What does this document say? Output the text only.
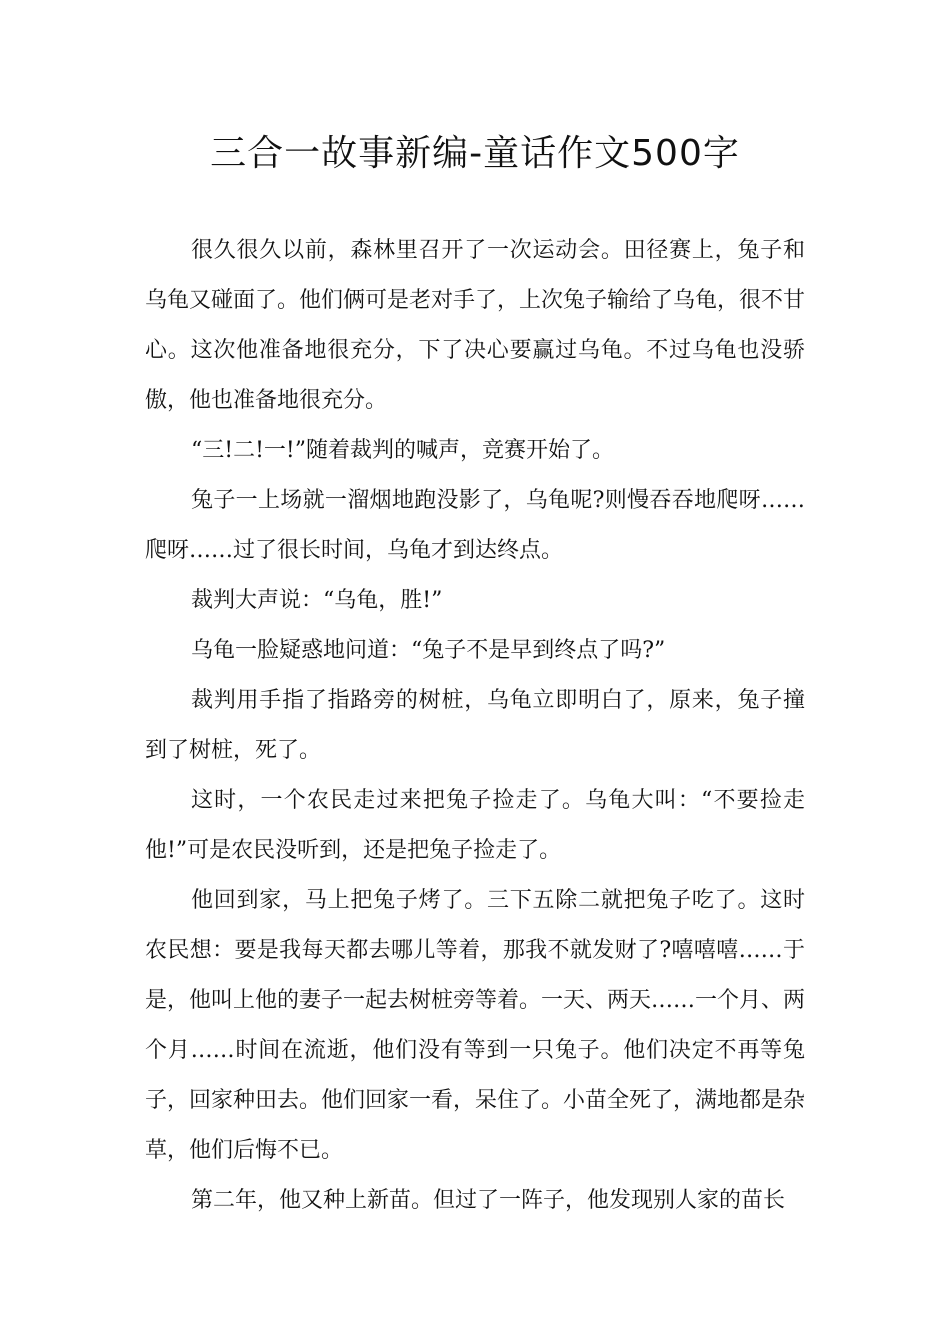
三合一故事新编-童话作文500字

很久很久以前，森林里召开了一次运动会。田径赛上，兔子和乌龟又碰面了。他们俩可是老对手了，上次兔子输给了乌龟，很不甘心。这次他准备地很充分，下了决心要赢过乌龟。不过乌龟也没骄傲，他也准备地很充分。

“三!二!一!”随着裁判的喊声，竞赛开始了。

兔子一上场就一溜烟地跑没影了，乌龟呢?则慢吞吞地爬呀……爬呀……过了很长时间，乌龟才到达终点。

裁判大声说：“乌龟，胜!”

乌龟一脸疑惑地问道：“兔子不是早到终点了吗?”

裁判用手指了指路旁的树桩，乌龟立即明白了，原来，兔子撞到了树桩，死了。

这时，一个农民走过来把兔子捡走了。乌龟大叫：“不要捡走他!”可是农民没听到，还是把兔子捡走了。

他回到家，马上把兔子烤了。三下五除二就把兔子吃了。这时农民想：要是我每天都去哪儿等着，那我不就发财了?嘻嘻嘻……于是，他叫上他的妻子一起去树桩旁等着。一天、两天……一个月、两个月……时间在流逝，他们没有等到一只兔子。他们决定不再等兔子，回家种田去。他们回家一看，呆住了。小苗全死了，满地都是杂草，他们后悔不已。

第二年，他又种上新苗。但过了一阵子，他发现别人家的苗长
